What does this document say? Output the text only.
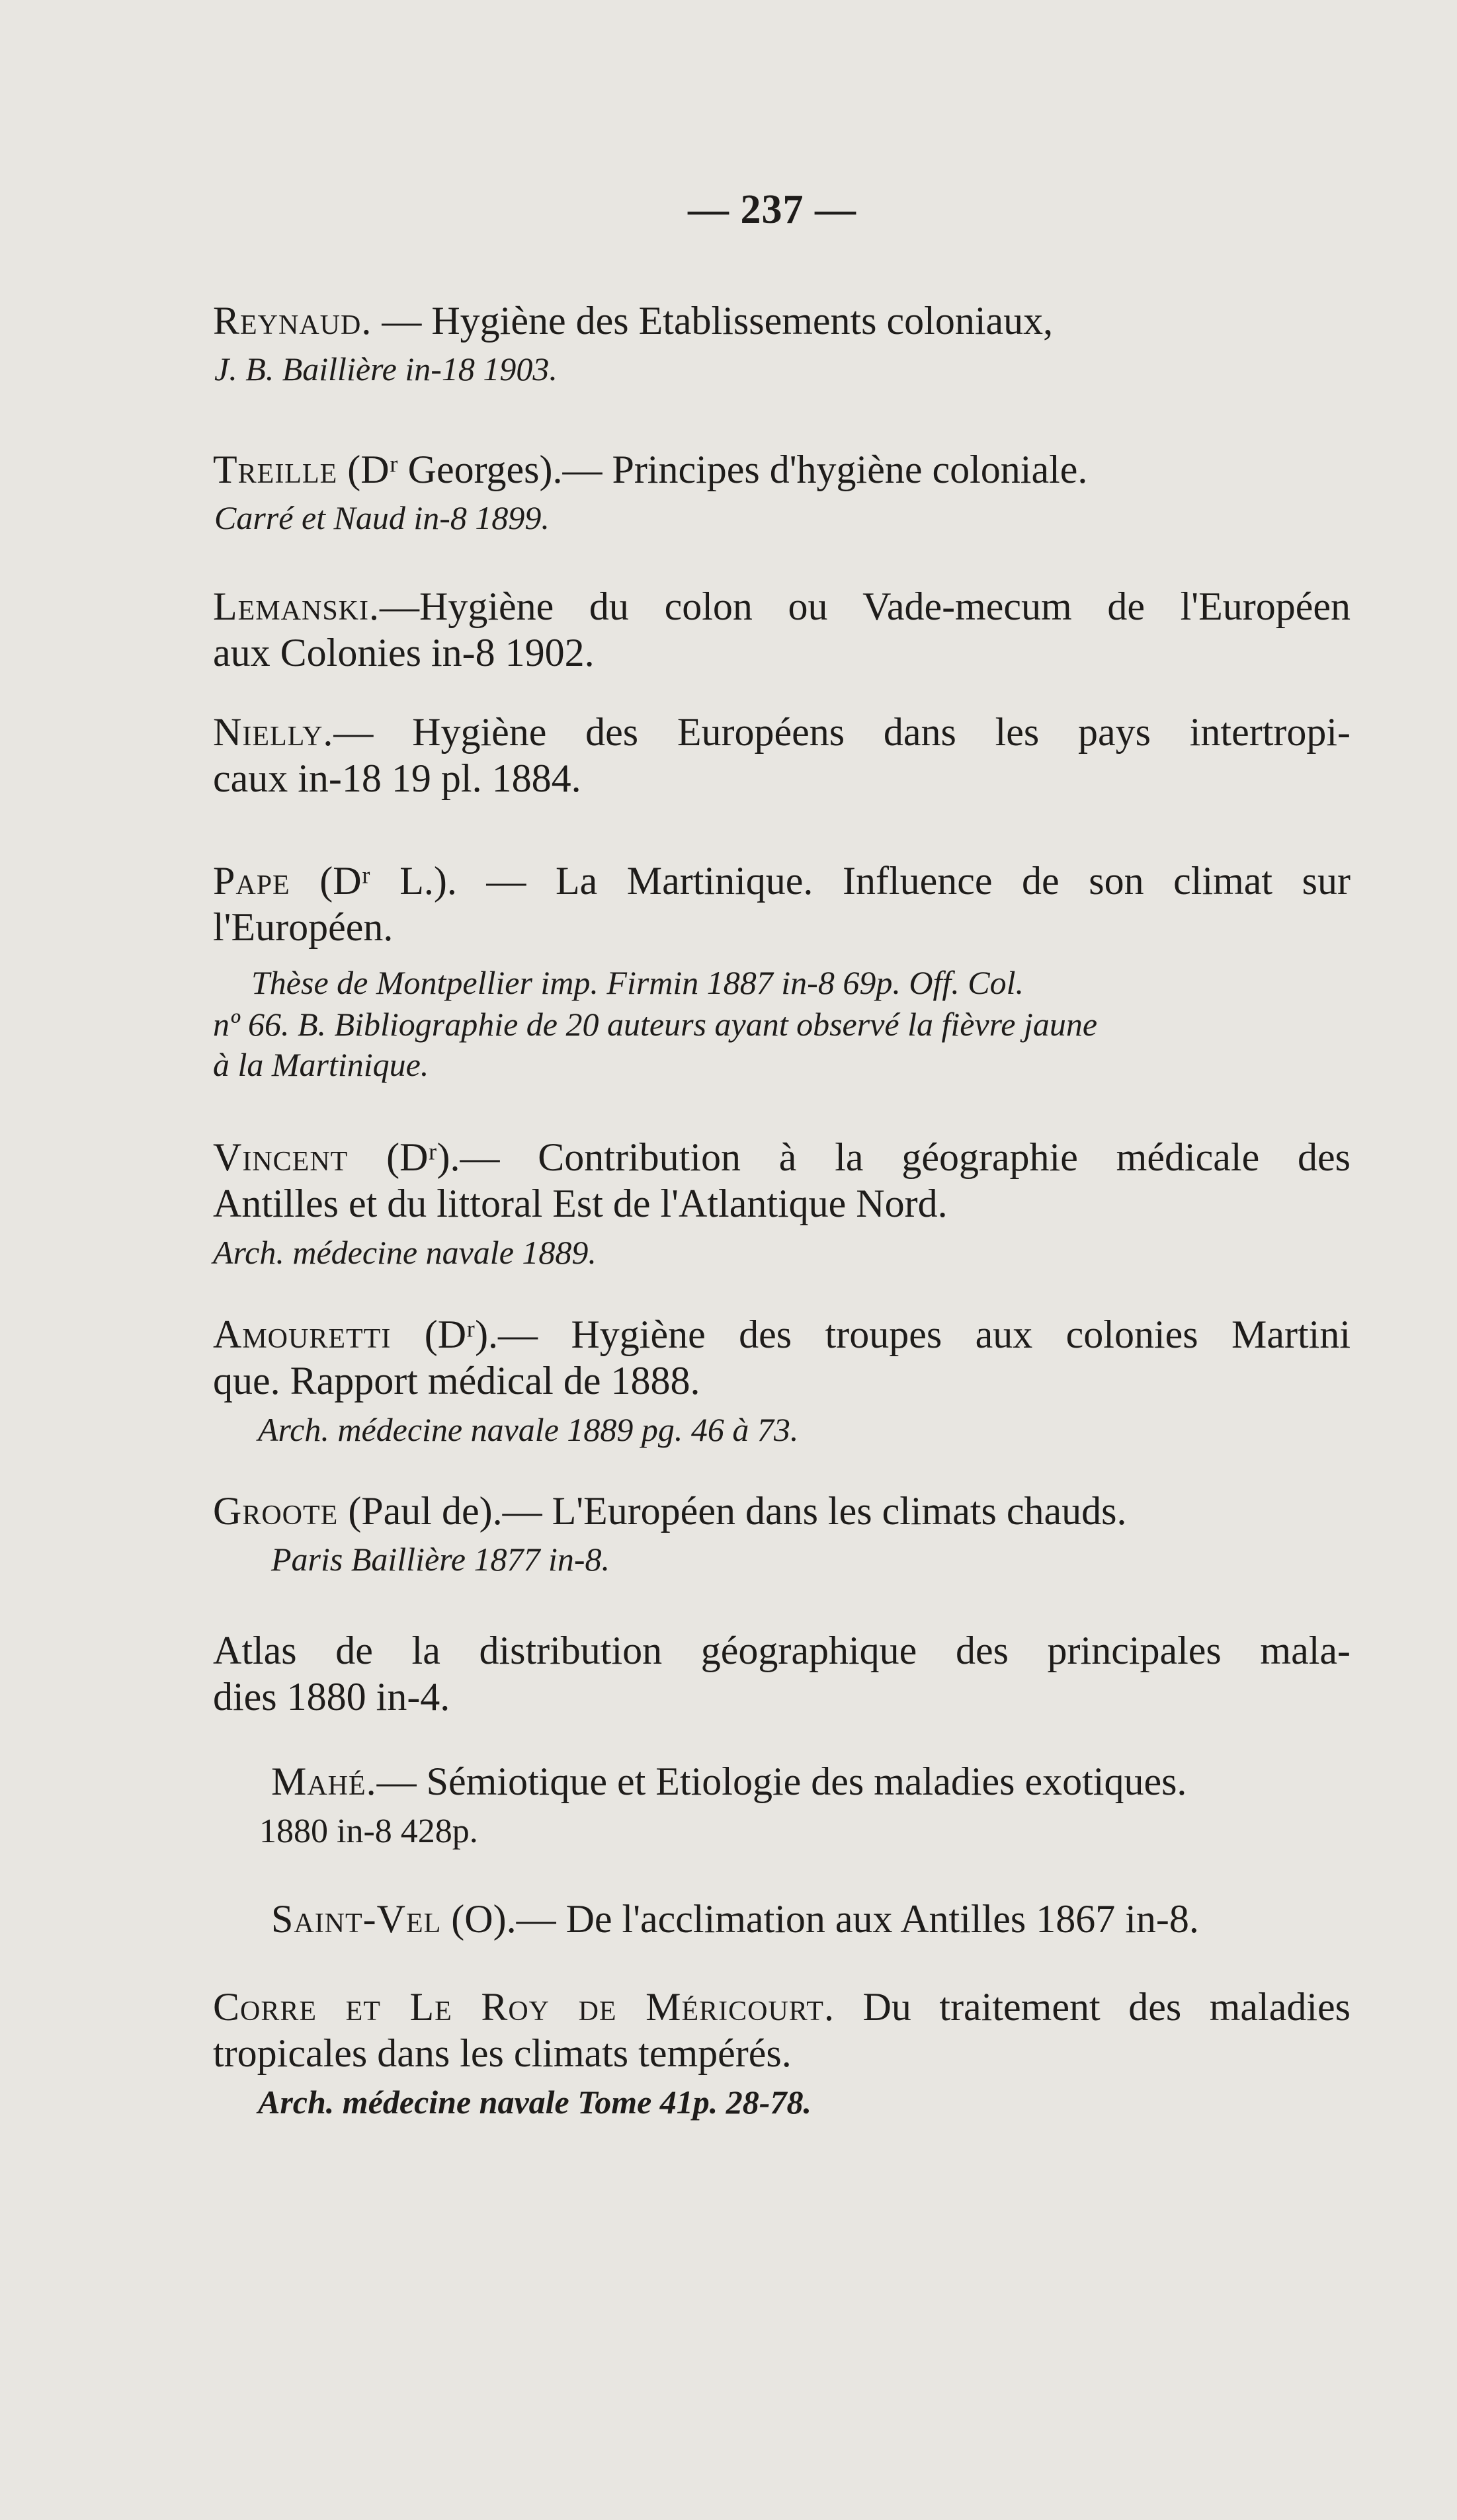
— 237 —
Reynaud. — Hygiène des Etablissements coloniaux,
J. B. Baillière in-18 1903.
Treille (Dʳ Georges).— Principes d'hygiène coloniale.
Carré et Naud in-8 1899.
Lemanski.—Hygiène du colon ou Vade-mecum de l'Européen
aux Colonies in-8 1902.
Nielly.— Hygiène des Européens dans les pays intertropi-
caux in-18 19 pl. 1884.
Pape (Dʳ L.). — La Martinique. Influence de son climat sur
l'Européen.
Thèse de Montpellier imp. Firmin 1887 in-8 69p. Off. Col.
nº 66. B. Bibliographie de 20 auteurs ayant observé la fièvre jaune
à la Martinique.
Vincent (Dʳ).— Contribution à la géographie médicale des
Antilles et du littoral Est de l'Atlantique Nord.
Arch. médecine navale 1889.
Amouretti (Dʳ).— Hygiène des troupes aux colonies Martini
que. Rapport médical de 1888.
Arch. médecine navale 1889 pg. 46 à 73.
Groote (Paul de).— L'Européen dans les climats chauds.
Paris Baillière 1877 in-8.
Atlas de la distribution géographique des principales mala-
dies 1880 in-4.
Mahé.— Sémiotique et Etiologie des maladies exotiques.
1880 in-8 428p.
Saint-Vel (O).— De l'acclimation aux Antilles 1867 in-8.
Corre et Le Roy de Méricourt. Du traitement des maladies
tropicales dans les climats tempérés.
Arch. médecine navale Tome 41p. 28-78.
